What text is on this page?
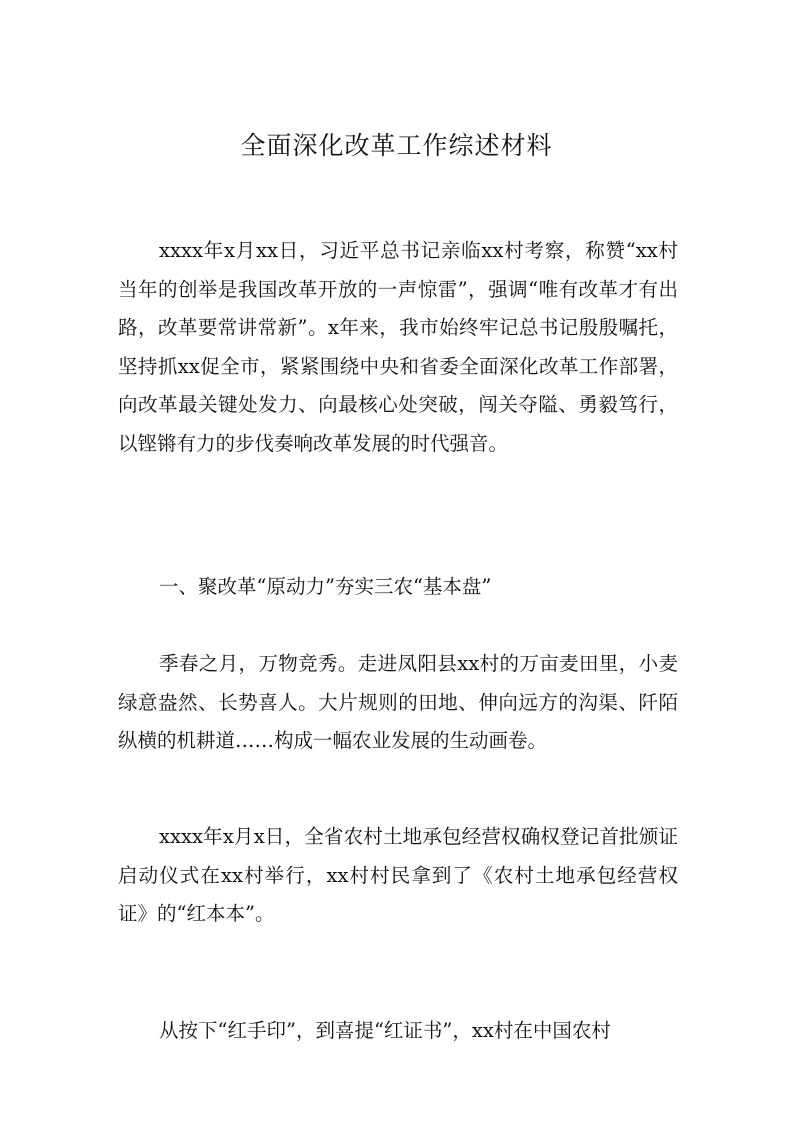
全面深化改革工作综述材料
xxxx年x月xx日，习近平总书记亲临xx村考察，称赞“xx村当年的创举是我国改革开放的一声惊雷”，强调“唯有改革才有出路，改革要常讲常新”。x年来，我市始终牢记总书记殷殷嘱托，坚持抓xx促全市，紧紧围绕中央和省委全面深化改革工作部署，向改革最关键处发力、向最核心处突破，闯关夺隘、勇毅笃行，以铿锵有力的步伐奏响改革发展的时代强音。
一、聚改革“原动力”夯实三农“基本盘”
季春之月，万物竞秀。走进凤阳县xx村的万亩麦田里，小麦绿意盎然、长势喜人。大片规则的田地、伸向远方的沟渠、阡陌纵横的机耕道……构成一幅农业发展的生动画卷。
xxxx年x月x日，全省农村土地承包经营权确权登记首批颁证启动仪式在xx村举行，xx村村民拿到了《农村土地承包经营权证》的“红本本”。
从按下“红手印”，到喜提“红证书”，xx村在中国农村
